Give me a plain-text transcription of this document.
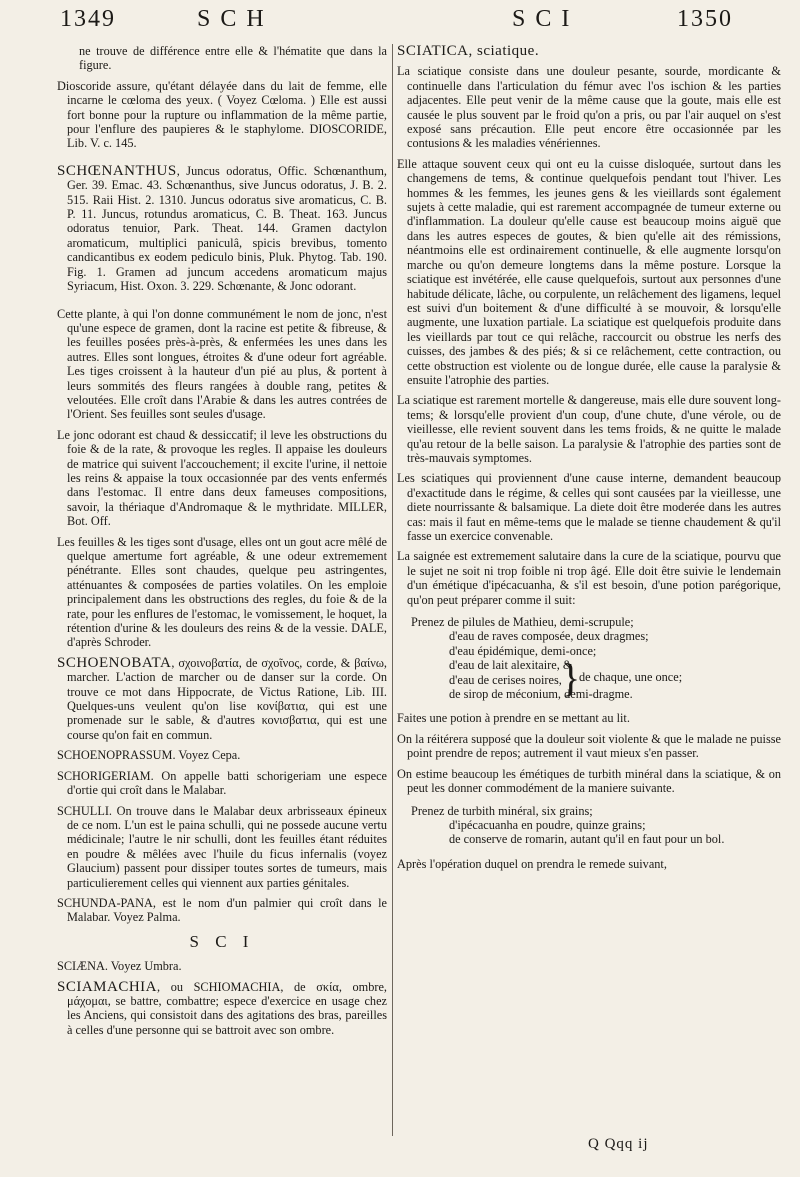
1349	S C H	S C I	1350

ne trouve de différence entre elle & l'hématite que dans la figure.

Dioscoride assure, qu'étant délayée dans du lait de femme, elle incarne le cœloma des yeux. ( Voyez Cœloma. ) Elle est aussi fort bonne pour la rupture ou inflammation de la même partie, pour l'enflure des paupieres & le staphylome. DIOSCORIDE, Lib. V. c. 145.

SCHŒNANTHUS, Juncus odoratus, Offic. Schœnanthum, Ger. 39. Emac. 43. Schœnanthus, sive Juncus odoratus, J. B. 2. 515. Raii Hist. 2. 1310. Juncus odoratus sive aromaticus, C. B. P. 11. Juncus, rotundus aromaticus, C. B. Theat. 163. Juncus odoratus tenuior, Park. Theat. 144. Gramen dactylon aromaticum, multiplici paniculâ, spicis brevibus, tomento candicantibus ex eodem pediculo binis, Pluk. Phytog. Tab. 190. Fig. 1. Gramen ad juncum accedens aromaticum majus Syriacum, Hist. Oxon. 3. 229. Schœnante, & Jonc odorant.

Cette plante, à qui l'on donne communément le nom de jonc, n'est qu'une espece de gramen, dont la racine est petite & fibreuse, & les feuilles posées près-à-près, & enfermées les unes dans les autres. Elles sont longues, étroites & d'une odeur fort agréable. Les tiges croissent à la hauteur d'un pié au plus, & portent à leurs sommités des fleurs rangées à double rang, petites & veloutées. Elle croît dans l'Arabie & dans les autres contrées de l'Orient. Ses feuilles sont seules d'usage.

Le jonc odorant est chaud & dessiccatif; il leve les obstructions du foie & de la rate, & provoque les regles. Il appaise les douleurs de matrice qui suivent l'accouchement; il excite l'urine, il nettoie les reins & appaise la toux occasionnée par des vents enfermés dans l'estomac. Il entre dans deux fameuses compositions, savoir, la thériaque d'Andromaque & le mythridate. MILLER, Bot. Off.

Les feuilles & les tiges sont d'usage, elles ont un gout acre mêlé de quelque amertume fort agréable, & une odeur extremement pénétrante. Elles sont chaudes, quelque peu astringentes, atténuantes & composées de parties volatiles. On les emploie principalement dans les obstructions des regles, du foie & de la rate, pour les enflures de l'estomac, le vomissement, le hoquet, la rétention d'urine & les douleurs des reins & de la vessie. DALE, d'après Schroder.

SCHOENOBATA, σχοινοβατία, de σχοῖνος, corde, & βαίνω, marcher. L'action de marcher ou de danser sur la corde. On trouve ce mot dans Hippocrate, de Victus Ratione, Lib. III. Quelques-uns veulent qu'on lise κονίβατια, qui est une promenade sur le sable, & d'autres κονισβατια, qui est une course qu'on fait en commun.

SCHOENOPRASSUM. Voyez Cepa.

SCHORIGERIAM. On appelle batti schorigeriam une espece d'ortie qui croît dans le Malabar.

SCHULLI. On trouve dans le Malabar deux arbrisseaux épineux de ce nom. L'un est le paina schulli, qui ne possede aucune vertu médicinale; l'autre le nir schulli, dont les feuilles étant réduites en poudre & mêlées avec l'huile du ficus infernalis (voyez Glaucium) passent pour dissiper toutes sortes de tumeurs, mais particulierement celles qui viennent aux parties génitales.

SCHUNDA-PANA, est le nom d'un palmier qui croît dans le Malabar. Voyez Palma.

S C I

SCIÆNA. Voyez Umbra.

SCIAMACHIA, ou SCHIOMACHIA, de σκία, ombre, μάχομαι, se battre, combattre; espece d'exercice en usage chez les Anciens, qui consistoit dans des agitations des bras, pareilles à celles d'une personne qui se battroit avec son ombre.

SCIATICA, sciatique.

La sciatique consiste dans une douleur pesante, sourde, mordicante & continuelle dans l'articulation du fémur avec l'os ischion & les parties adjacentes. Elle peut venir de la même cause que la goute, mais elle est causée le plus souvent par le froid qu'on a pris, ou par l'air auquel on s'est exposé sans précaution. Elle peut encore être occasionnée par les contusions & les maladies vénériennes.

Elle attaque souvent ceux qui ont eu la cuisse disloquée, surtout dans les changemens de tems, & continue quelquefois pendant tout l'hiver. Les hommes & les femmes, les jeunes gens & les vieillards sont également sujets à cette maladie, qui est rarement accompagnée de tumeur externe ou d'inflammation. La douleur qu'elle cause est beaucoup moins aiguë que dans les autres especes de goutes, & bien qu'elle ait des rémissions, néantmoins elle est ordinairement continuelle, & elle augmente lorsqu'on marche ou qu'on demeure longtems dans la même posture. Lorsque la sciatique est invétérée, elle cause quelquefois, surtout aux personnes d'une habitude délicate, lâche, ou corpulente, un relâchement des ligamens, lequel est suivi d'un boitement & d'une difficulté à se mouvoir, & lorsqu'elle augmente, une luxation partiale. La sciatique est quelquefois produite dans les vieillards par tout ce qui relâche, raccourcit ou obstrue les nerfs des cuisses, des jambes & des piés; & si ce relâchement, cette contraction, ou cette obstruction est violente ou de longue durée, elle cause la paralysie & ensuite l'atrophie des parties.

La sciatique est rarement mortelle & dangereuse, mais elle dure souvent long-tems; & lorsqu'elle provient d'un coup, d'une chute, d'une vérole, ou de vieillesse, elle revient souvent dans les tems froids, & ne quitte le malade qu'au retour de la belle saison. La paralysie & l'atrophie des parties sont de très-mauvais symptomes.

Les sciatiques qui proviennent d'une cause interne, demandent beaucoup d'exactitude dans le régime, & celles qui sont causées par la vieillesse, une diete nourrissante & balsamique. La diete doit être moderée dans les autres cas: mais il faut en même-tems que le malade se tienne chaudement & qu'il fasse un exercice convenable.

La saignée est extremement salutaire dans la cure de la sciatique, pourvu que le sujet ne soit ni trop foible ni trop âgé. Elle doit être suivie le lendemain d'un émétique d'ipécacuanha, & s'il est besoin, d'une potion parégorique, qu'on peut préparer comme il suit:

Prenez de pilules de Mathieu, demi-scrupule;
d'eau de raves composée, deux dragmes;
d'eau épidémique, demi-once;
d'eau de lait alexitaire, &
}
de chaque, une once;
d'eau de cerises noires,
de sirop de méconium, demi-dragme.

Faites une potion à prendre en se mettant au lit.

On la réitérera supposé que la douleur soit violente & que le malade ne puisse point prendre de repos; autrement il vaut mieux s'en passer.

On estime beaucoup les émétiques de turbith minéral dans la sciatique, & on peut les donner commodément de la maniere suivante.

Prenez de turbith minéral, six grains;
d'ipécacuanha en poudre, quinze grains;
de conserve de romarin, autant qu'il en faut pour un bol.

Après l'opération duquel on prendra le remede suivant,

Q Qqq ij
